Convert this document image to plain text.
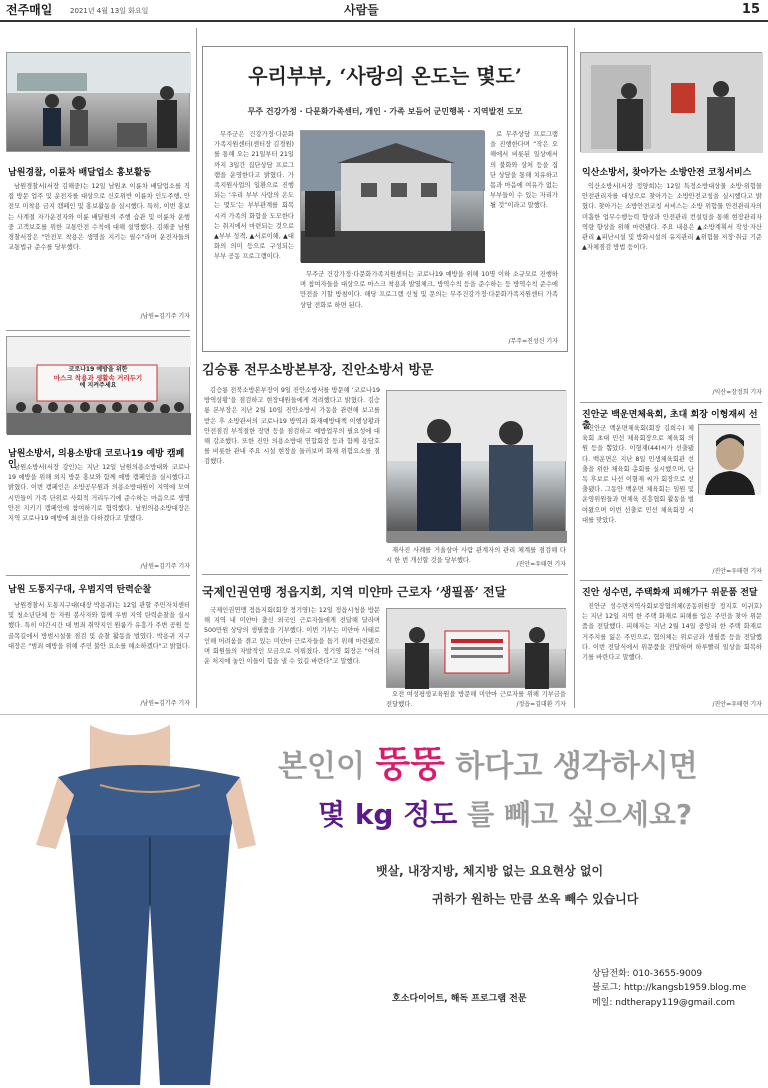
전주매일	2021년 4월 13일 화요일	사람들	15
남원경찰, 이륜차 배달업소 홍보활동

남원경찰서(서장 김해중)는 12일 남원초 이륜차 배달업소를 직접 방문 업주 및 운전자를 대상으로 신호위반 이륜차 인도주행, 안전모 미착용 금지 캠페인 및 홍보활동을 실시했다. 특히, 이번 홍보는 사계절 자가운전자와 이륜 배달원의 주행 습관 및 이륜차 운행 중 고객보호를 위한 교통안전 수칙에 대해 설명했다. 김해중 남원경찰서장은 "안전모 착용은 생명을 지키는 필수"라며 운전자들의 교통법규 준수를 당부했다.

/남원=김기주 기자
코로나19 예방을 위한
마스크 착용과 생활속 거리두기
에 지켜주세요
남원소방서, 의용소방대 코로나19 예방 캠페인

남원소방서(서장 강인)는 지난 12일 남원의용소방대와 코로나19 예방을 위해 외지 방문 홍보와 함께 예방 캠페인을 실시했다고 밝혔다. 이번 캠페인은 소방공무원과 의용소방대원이 지역에 모여 시민들이 가족 단위로 사회적 거리두기에 준수하는 마음으로 생명 안전 지키기 캠페인에 참여하기로 협력했다. 남원의용소방대장은 지역 코로나19 예방에 최선을 다하겠다고 말했다.

/남원=김기주 기자
남원 도통지구대, 우범지역 탄력순찰

남원경찰서 도통지구대(대장 박용귀)는 12일 관할 주민자치센터 및 청소년단체 등 자원 봉사자와 함께 우범 지역 탄력순찰을 실시했다. 특히 야간시간 대 범죄 취약지인 원룸가 유흥가 주변 공원 등 골목길에서 방범시설물 점검 및 순찰 활동을 벌였다. 박용귀 지구대장은 "범죄 예방을 위해 주민 불안 요소를 해소하겠다"고 밝혔다.

/남원=김기주 기자
우리부부, ‘사랑의 온도는 몇도’
무주 건강가정 · 다문화가족센터, 개인 · 가족 보듬어 군민행복 · 지역발전 도모

무주군은 건강가정·다문화가족지원센터(센터장 김경원)를 통해 오는 21일부터 21일까지 3일간 집단상담 프로그램을 운영한다고 밝혔다. 가족지원사업의 일환으로 진행되는 ‘우리 부부 사랑의 온도는 몇도’는 부부관계를 회복시켜 가족의 화합을 도모한다는 취지에서 마련되는 것으로 ▲부부 성격, ▲서로이해, ▲대화의 의미 등으로 구성되는 부부 공동 프로그램이다.

로 무주상담 프로그램을 진행한다며 “작은 오해에서 비롯된 일상에서의 불화와 상처 등을 집단 상담을 통해 치유하고 몸과 마음에 여유가 없는 부부들이 수 있는 자리가 될 것”이라고 말했다.

무주군 건강가정·다문화가족지원센터는 코로나19 예방을 위해 10명 이하 소규모로 진행하며 참여자들을 대상으로 마스크 착용과 발열체크, 방역수칙 등을 준수하는 등 방역수칙 준수에 만전을 기할 방침이다. 해당 프로그램 신청 및 문의는 무주건강가정·다문화가족지원센터 가족상담 전화로 하면 된다.

/무주=진성신 기자
김승룡 전무소방본부장, 진안소방서 방문

김승룡 전북소방본부장이 9일 진안소방서를 방문해 ‘코로나19 방역상황’을 점검하고 현장대원들에게 격려했다고 밝혔다. 김승룡 본부장은 지난 2월 10일 진안소방서 가동을 관련해 보고를 받은 후 소방관서의 코로나19 방역과 화재예방대책 이행상황과 안전점검 부적절한 장면 등을 점검하고 예방업무의 필요성에 대해 강조했다. 또한 진안 의용소방대 연합회장 등과 함께 용담호를 비롯한 관내 주요 시설 현장을 둘러보며 화재 위험요소를 점검했다.

재사진 사례를 거울삼아 사람 관계자의 관리 체계를 점검해 다시 한 번 개선할 것을 당부했다.

/진안=우태현 기자
국제인권연맹 정읍지회, 지역 미얀마 근로자 ‘생필품’ 전달

국제인권연맹 정읍지회(회장 정기영)는 12일 정읍시청을 방문해 지역 내 미얀마 출신 외국인 근로자들에게 전달해 달라며 500만원 상당의 생필품을 기부했다. 이번 기부는 미얀마 사태로 인해 어려움을 겪고 있는 미얀마 근로자들을 돕기 위해 마련됐으며 회원들의 자발적인 모금으로 이뤄졌다. 정기영 회장은 "어려운 처지에 놓인 이들이 힘을 낼 수 있길 바란다"고 말했다.

오전 여성평생교육원을 방문해 미얀마 근로자를 위해 기부금을 전달했다.	/정읍=김대환 기자
익산소방서, 찾아가는 소방안전 코칭서비스

익산소방서(서장 정양희)는 12일 특정소방대상물 소방·위험물안전관리자를 대상으로 찾아가는 소방안전코칭을 실시했다고 밝혔다. 찾아가는 소방안전코칭 서비스는 소방 위험물 안전관리자의 미흡한 업무수행능력 향상과 안전관리 컨설팅을 통해 현장관리자 역량 향상을 위해 마련됐다. 주요 내용은 ▲소방계획서 작성·자산관리 ▲피난시설 및 방화시설의 유지관리 ▲위험물 저장·취급 기준 ▲자체점검 방법 등이다.

/익산=장정희 기자
진안군 백운면체육회, 초대 회장 이형재씨 선출

진안군 백운면체육회(회장 김희수) 체육회 초대 민선 체육회장으로 체육회 의원 등을 뽑았다. 이형재(44)씨가 선출됐다. 백운면은 지난 8일 민생체육회관 선출을 위한 체육회 총회를 실시했으며, 단독 후보로 나선 이형재 씨가 회장으로 선출됐다. 그동안 백운면 체육회는 임원 및 운영위원들과 면체육 진흥협회 활동을 벌여왔으며 이번 선출로 민선 체육회장 시대를 맞았다.

/진안=우태현 기자
진안 성수면, 주택화재 피해가구 위문품 전달

진안군 성수면지역사회보장협의체(공동위원장 정지호 이귀호)는 지난 12일 지역 한 주택 화재로 피해를 입은 주민을 찾아 위문품을 전달했다. 피해자는 지난 2월 14일 중앙리 한 주택 화재로 거주지를 잃은 주민으로, 협의체는 위로금과 생필품 등을 전달했다. 이번 전달식에서 위문품을 전달하며 하루빨리 일상을 회복하기를 바란다고 말했다.

/진안=우태현 기자
본인이 뚱뚱 하다고 생각하시면
몇 kg 정도 를 빼고 싶으세요?
뱃살, 내장지방, 체지방 없는 요요현상 없이
귀하가 원하는 만큼 쏘옥 빼수 있습니다
호소다이어트, 해독 프로그램 전문
상담전화: 010-3655-9009
블로그: http://kangsb1959.blog.me
메일: ndtherapy119@gmail.com
